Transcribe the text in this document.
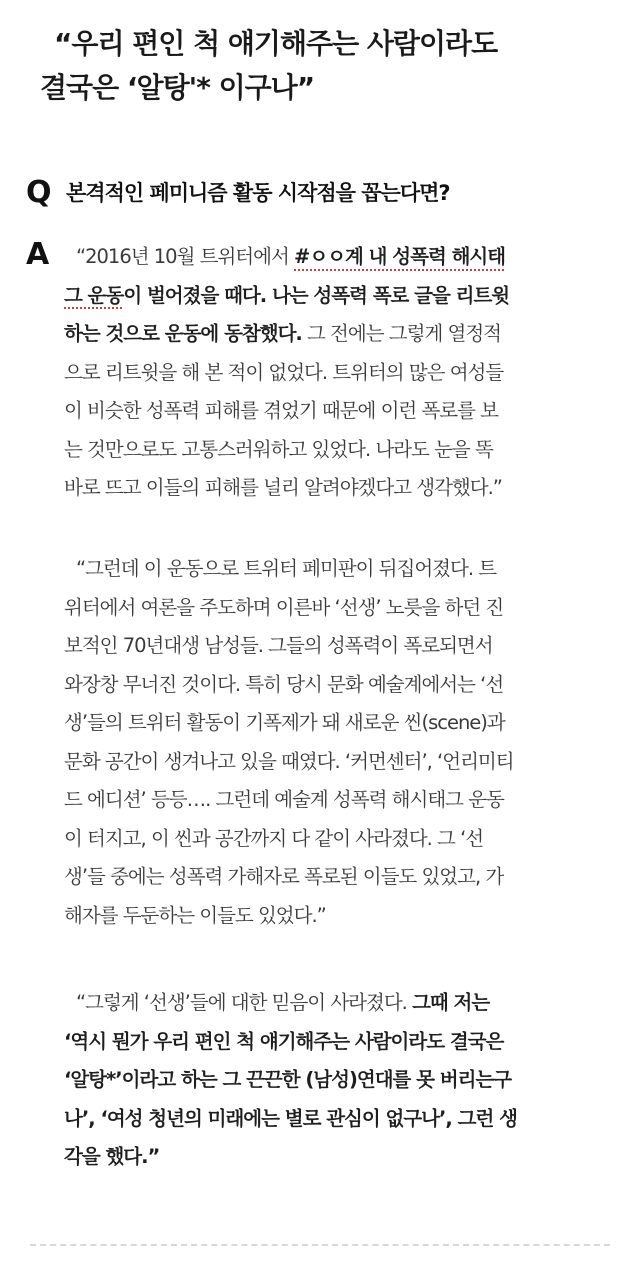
“우리 편인 척 얘기해주는 사람이라도
결국은 ‘알탕'* 이구나”
Q 본격적인 페미니즘 활동 시작점을 꼽는다면?
A	“2016년 10월 트위터에서 #ㅇㅇ계 내 성폭력 해시태
그 운동이 벌어졌을 때다. 나는 성폭력 폭로 글을 리트윗
하는 것으로 운동에 동참했다. 그 전에는 그렇게 열정적
으로 리트윗을 해 본 적이 없었다. 트위터의 많은 여성들
이 비슷한 성폭력 피해를 겪었기 때문에 이런 폭로를 보
는 것만으로도 고통스러워하고 있었다. 나라도 눈을 똑
바로 뜨고 이들의 피해를 널리 알려야겠다고 생각했다.”
“그런데 이 운동으로 트위터 페미판이 뒤집어졌다. 트
위터에서 여론을 주도하며 이른바 ‘선생’ 노릇을 하던 진
보적인 70년대생 남성들. 그들의 성폭력이 폭로되면서
와장창 무너진 것이다. 특히 당시 문화 예술계에서는 ‘선
생’들의 트위터 활동이 기폭제가 돼 새로운 씬(scene)과
문화 공간이 생겨나고 있을 때였다. ‘커먼센터’, ‘언리미티
드 에디션’ 등등…. 그런데 예술계 성폭력 해시태그 운동
이 터지고, 이 씬과 공간까지 다 같이 사라졌다. 그 ‘선
생’들 중에는 성폭력 가해자로 폭로된 이들도 있었고, 가
해자를 두둔하는 이들도 있었다.”
“그렇게 ‘선생’들에 대한 믿음이 사라졌다. 그때 저는
‘역시 뭔가 우리 편인 척 얘기해주는 사람이라도 결국은
‘알탕*’이라고 하는 그 끈끈한 (남성)연대를 못 버리는구
나’, ‘여성 청년의 미래에는 별로 관심이 없구나’, 그런 생
각을 했다.”
